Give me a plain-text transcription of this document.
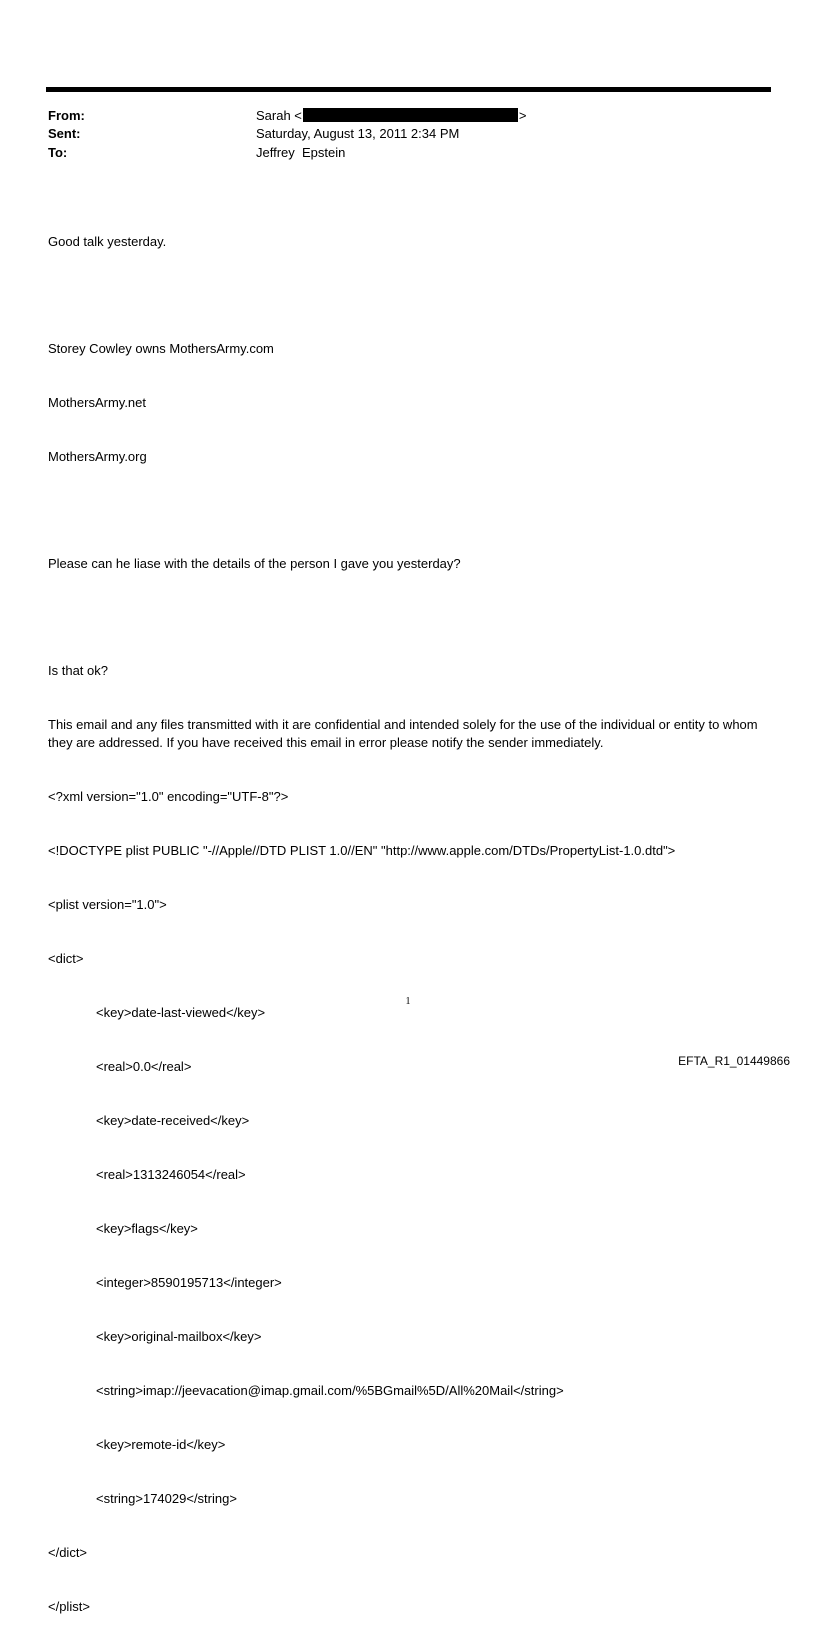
From:
Sent:
To:
Sarah <	>
Saturday, August 13, 2011 2:34 PM
Jeffrey  Epstein

Good talk yesterday.

Storey Cowley owns MothersArmy.com

MothersArmy.net

MothersArmy.org

Please can he liase with the details of the person I gave you yesterday?

Is that ok?

This email and any files transmitted with it are confidential and intended solely for the use of the individual or entity to whom they are addressed. If you have received this email in error please notify the sender immediately.

<?xml version="1.0" encoding="UTF-8"?>

<!DOCTYPE plist PUBLIC "-//Apple//DTD PLIST 1.0//EN" "http://www.apple.com/DTDs/PropertyList-1.0.dtd">

<plist version="1.0">

<dict>

<key>date-last-viewed</key>

<real>0.0</real>

<key>date-received</key>

<real>1313246054</real>

<key>flags</key>

<integer>8590195713</integer>

<key>original-mailbox</key>

<string>imap://jeevacation@imap.gmail.com/%5BGmail%5D/All%20Mail</string>

<key>remote-id</key>

<string>174029</string>

</dict>

</plist>

1
EFTA_R1_01449866
